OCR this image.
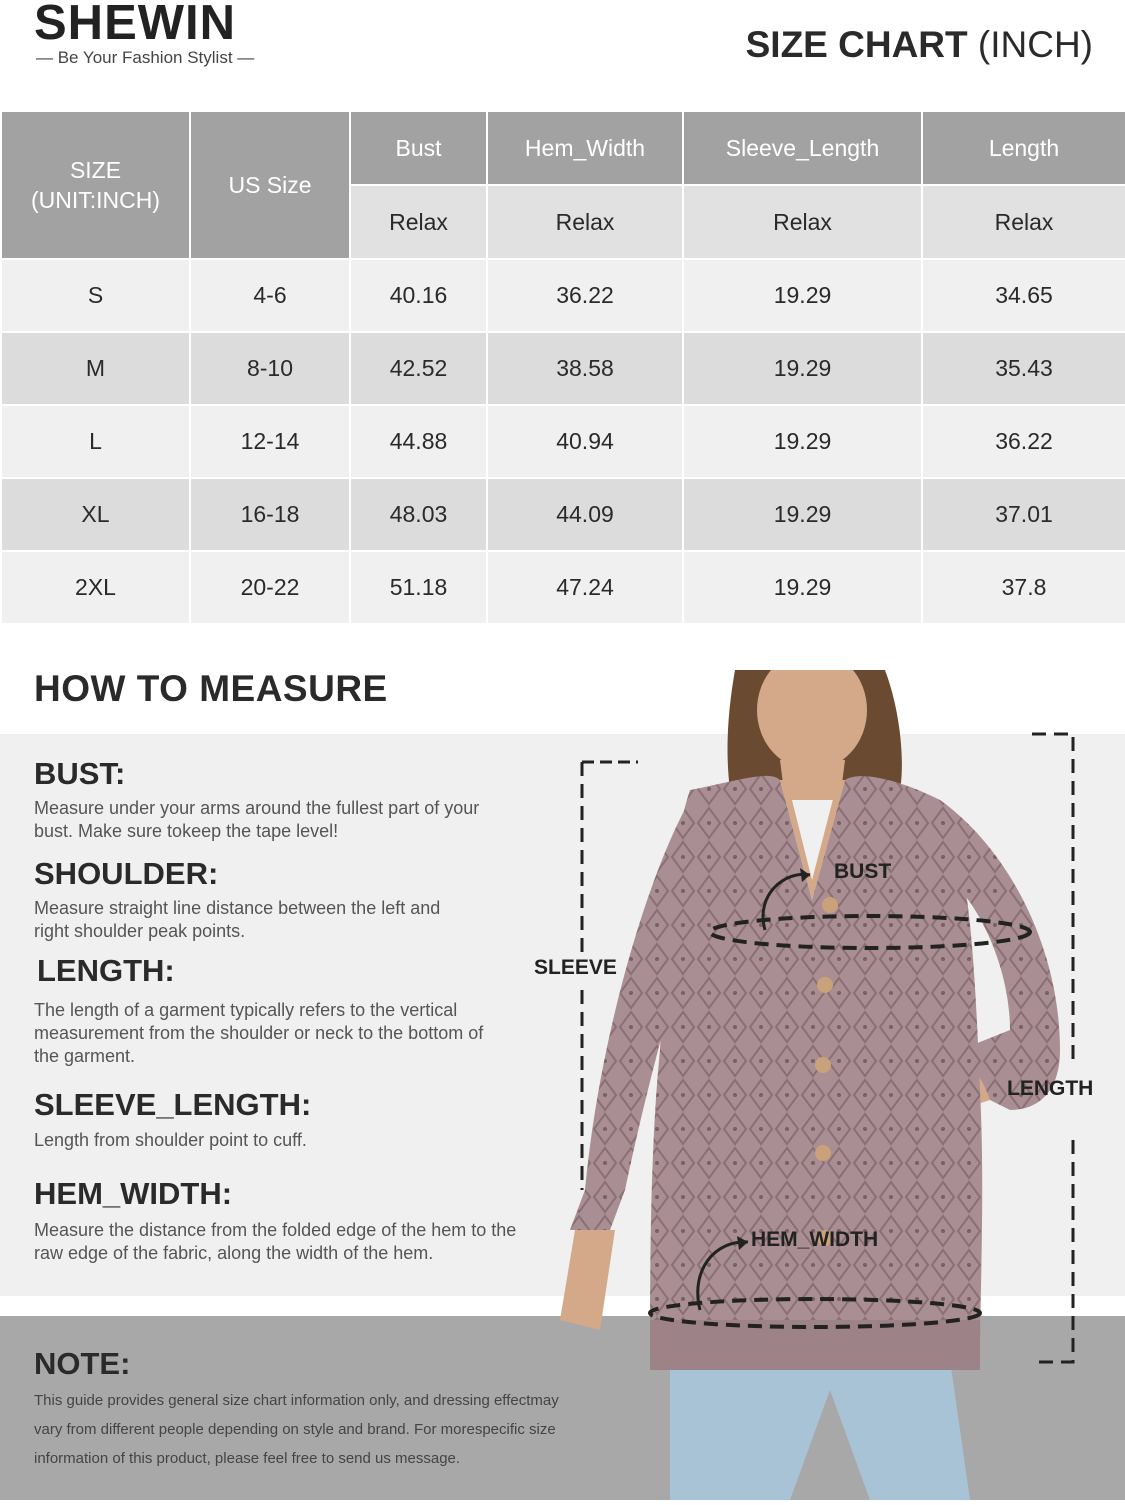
SHEWIN
— Be Your Fashion Stylist —	SIZE CHART (INCH)
SIZE
(UNIT:INCH)	US Size	Bust	Hem_Width	Sleeve_Length	Length
		Relax	Relax	Relax	Relax
S	4-6	40.16	36.22	19.29	34.65
M	8-10	42.52	38.58	19.29	35.43
L	12-14	44.88	40.94	19.29	36.22
XL	16-18	48.03	44.09	19.29	37.01
2XL	20-22	51.18	47.24	19.29	37.8
HOW TO MEASURE
BUST:
Measure under your arms around the fullest part of your bust. Make sure tokeep the tape level!
SHOULDER:
Measure straight line distance between the left and right shoulder peak points.
LENGTH:
The length of a garment typically refers to the vertical measurement from the shoulder or neck to the bottom of the garment.
SLEEVE_LENGTH:
Length from shoulder point to cuff.
HEM_WIDTH:
Measure the distance from the folded edge of the hem to the raw edge of the fabric, along the width of the hem.
NOTE:
This guide provides general size chart information only, and dressing effectmay vary from different people depending on style and brand. For morespecific size information of this product, please feel free to send us message.
BUST
SLEEVE
LENGTH
HEM_WIDTH
